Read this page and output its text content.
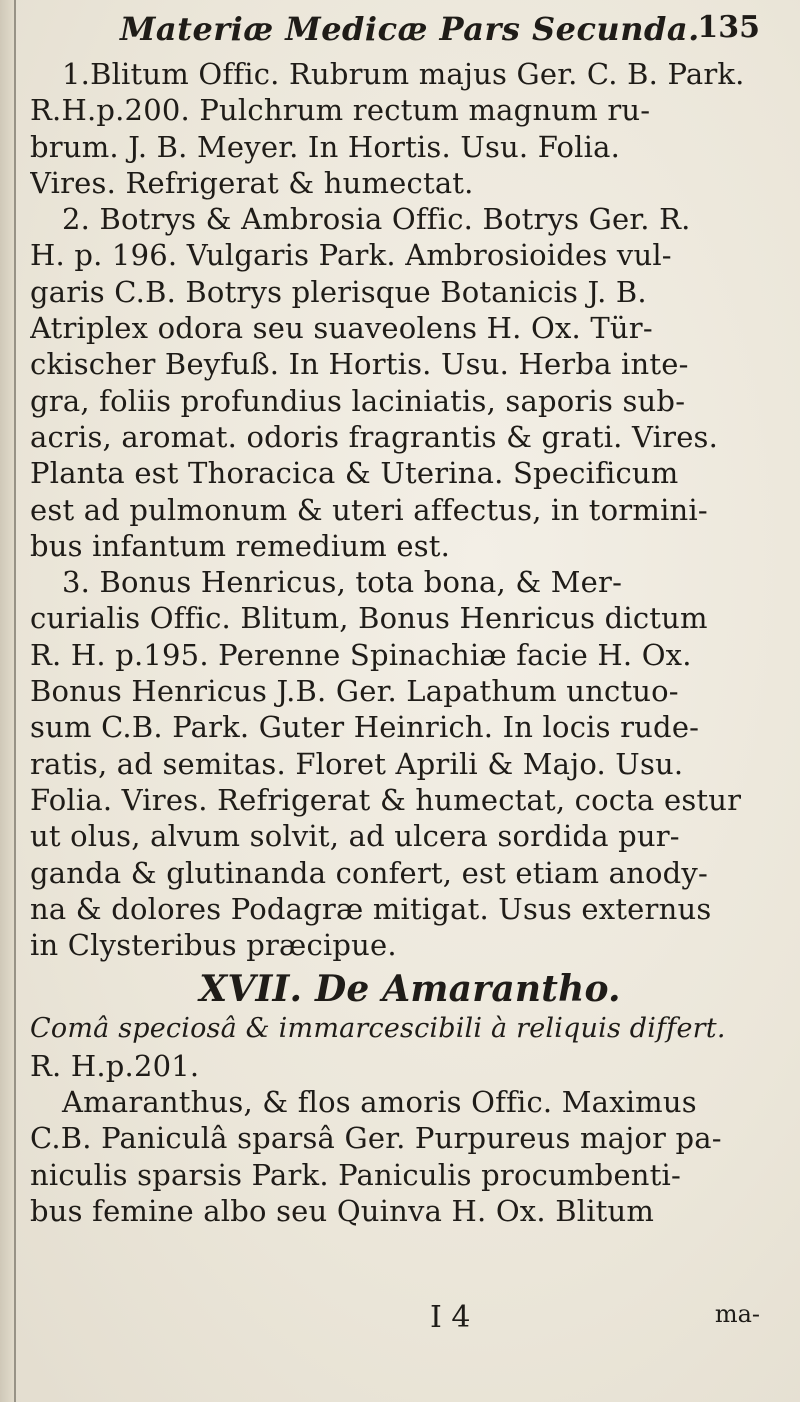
Materiæ Medicæ Pars Secunda.
135
1.Blitum Offic. Rubrum majus Ger. C. B. Park.
R.H.p.200. Pulchrum rectum magnum ru-
brum. J. B. Meyer. In Hortis. Usu. Folia.
Vires. Refrigerat & humectat.
2. Botrys & Ambrosia Offic. Botrys Ger. R.
H. p. 196. Vulgaris Park. Ambrosioides vul-
garis C.B. Botrys plerisque Botanicis J. B.
Atriplex odora seu suaveolens H. Ox. Tür-
ckischer Beyfuß. In Hortis. Usu. Herba inte-
gra, foliis profundius laciniatis, saporis sub-
acris, aromat. odoris fragrantis & grati. Vires.
Planta est Thoracica & Uterina. Specificum
est ad pulmonum & uteri affectus, in tormini-
bus infantum remedium est.
3. Bonus Henricus, tota bona, & Mer-
curialis Offic. Blitum, Bonus Henricus dictum
R. H. p.195. Perenne Spinachiæ facie H. Ox.
Bonus Henricus J.B. Ger. Lapathum unctuo-
sum C.B. Park. Guter Heinrich. In locis rude-
ratis, ad semitas. Floret Aprili & Majo. Usu.
Folia. Vires. Refrigerat & humectat, cocta estur
ut olus, alvum solvit, ad ulcera sordida pur-
ganda & glutinanda confert, est etiam anody-
na & dolores Podagræ mitigat. Usus externus
in Clysteribus præcipue.
XVII. De Amarantho.
Comâ speciosâ & immarcescibili à reliquis differt.
R. H.p.201.
Amaranthus, & flos amoris Offic. Maximus
C.B. Paniculâ sparsâ Ger. Purpureus major pa-
niculis sparsis Park. Paniculis procumbenti-
bus femine albo seu Quinva H. Ox. Blitum
I 4	ma-
